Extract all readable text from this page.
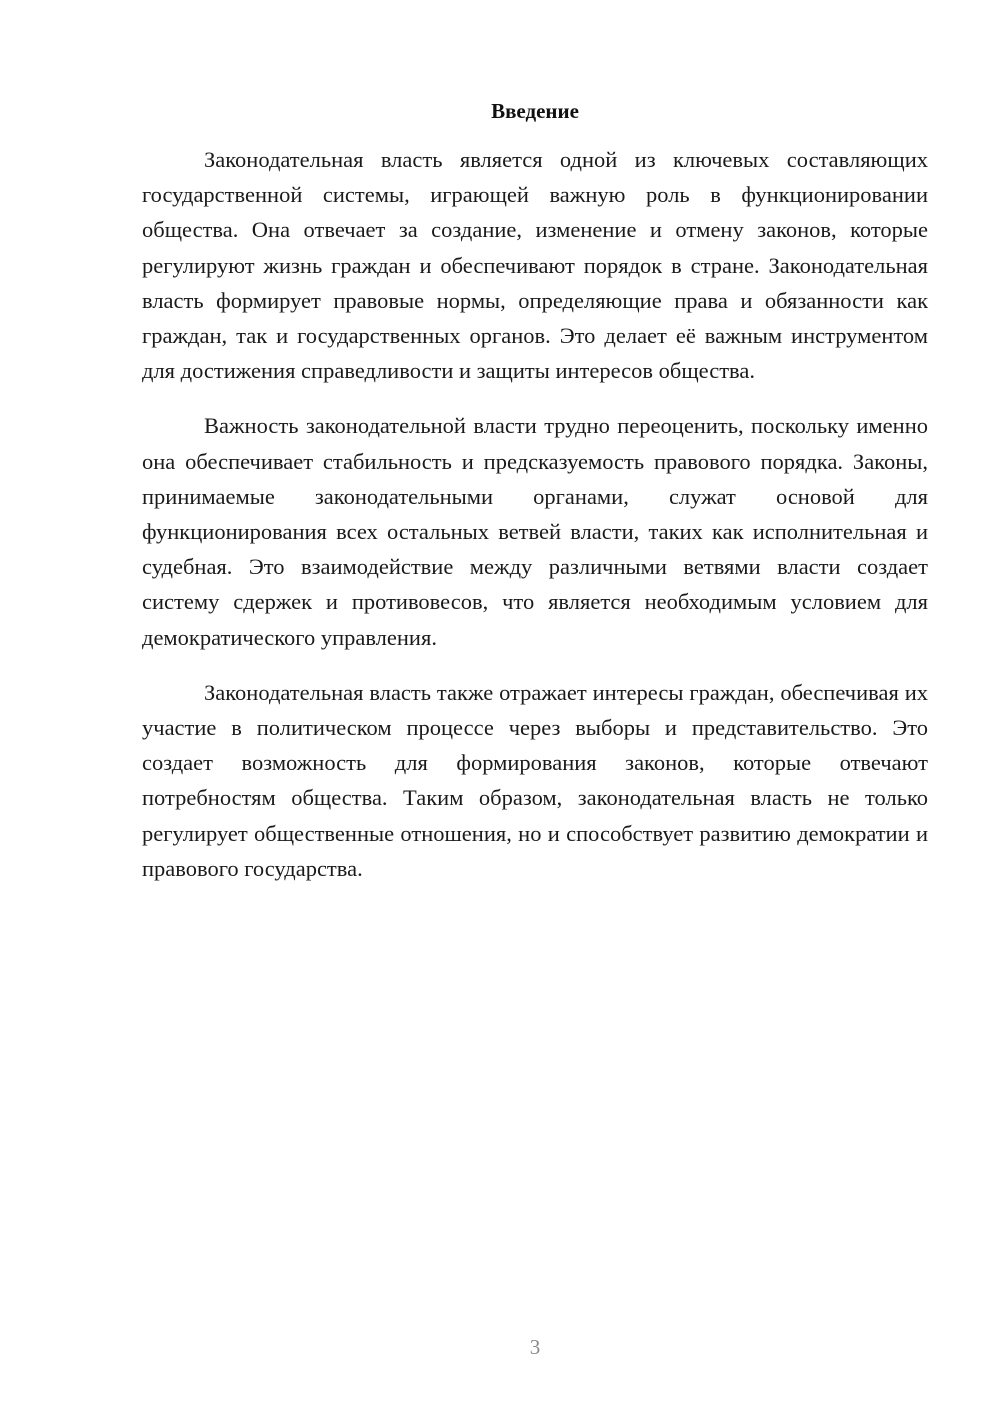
Введение

Законодательная власть является одной из ключевых составляющих государственной системы, играющей важную роль в функционировании общества. Она отвечает за создание, изменение и отмену законов, которые регулируют жизнь граждан и обеспечивают порядок в стране. Законодательная власть формирует правовые нормы, определяющие права и обязанности как граждан, так и государственных органов. Это делает её важным инструментом для достижения справедливости и защиты интересов общества.

Важность законодательной власти трудно переоценить, поскольку именно она обеспечивает стабильность и предсказуемость правового порядка. Законы, принимаемые законодательными органами, служат основой для функционирования всех остальных ветвей власти, таких как исполнительная и судебная. Это взаимодействие между различными ветвями власти создает систему сдержек и противовесов, что является необходимым условием для демократического управления.

Законодательная власть также отражает интересы граждан, обеспечивая их участие в политическом процессе через выборы и представительство. Это создает возможность для формирования законов, которые отвечают потребностям общества. Таким образом, законодательная власть не только регулирует общественные отношения, но и способствует развитию демократии и правового государства.

3
